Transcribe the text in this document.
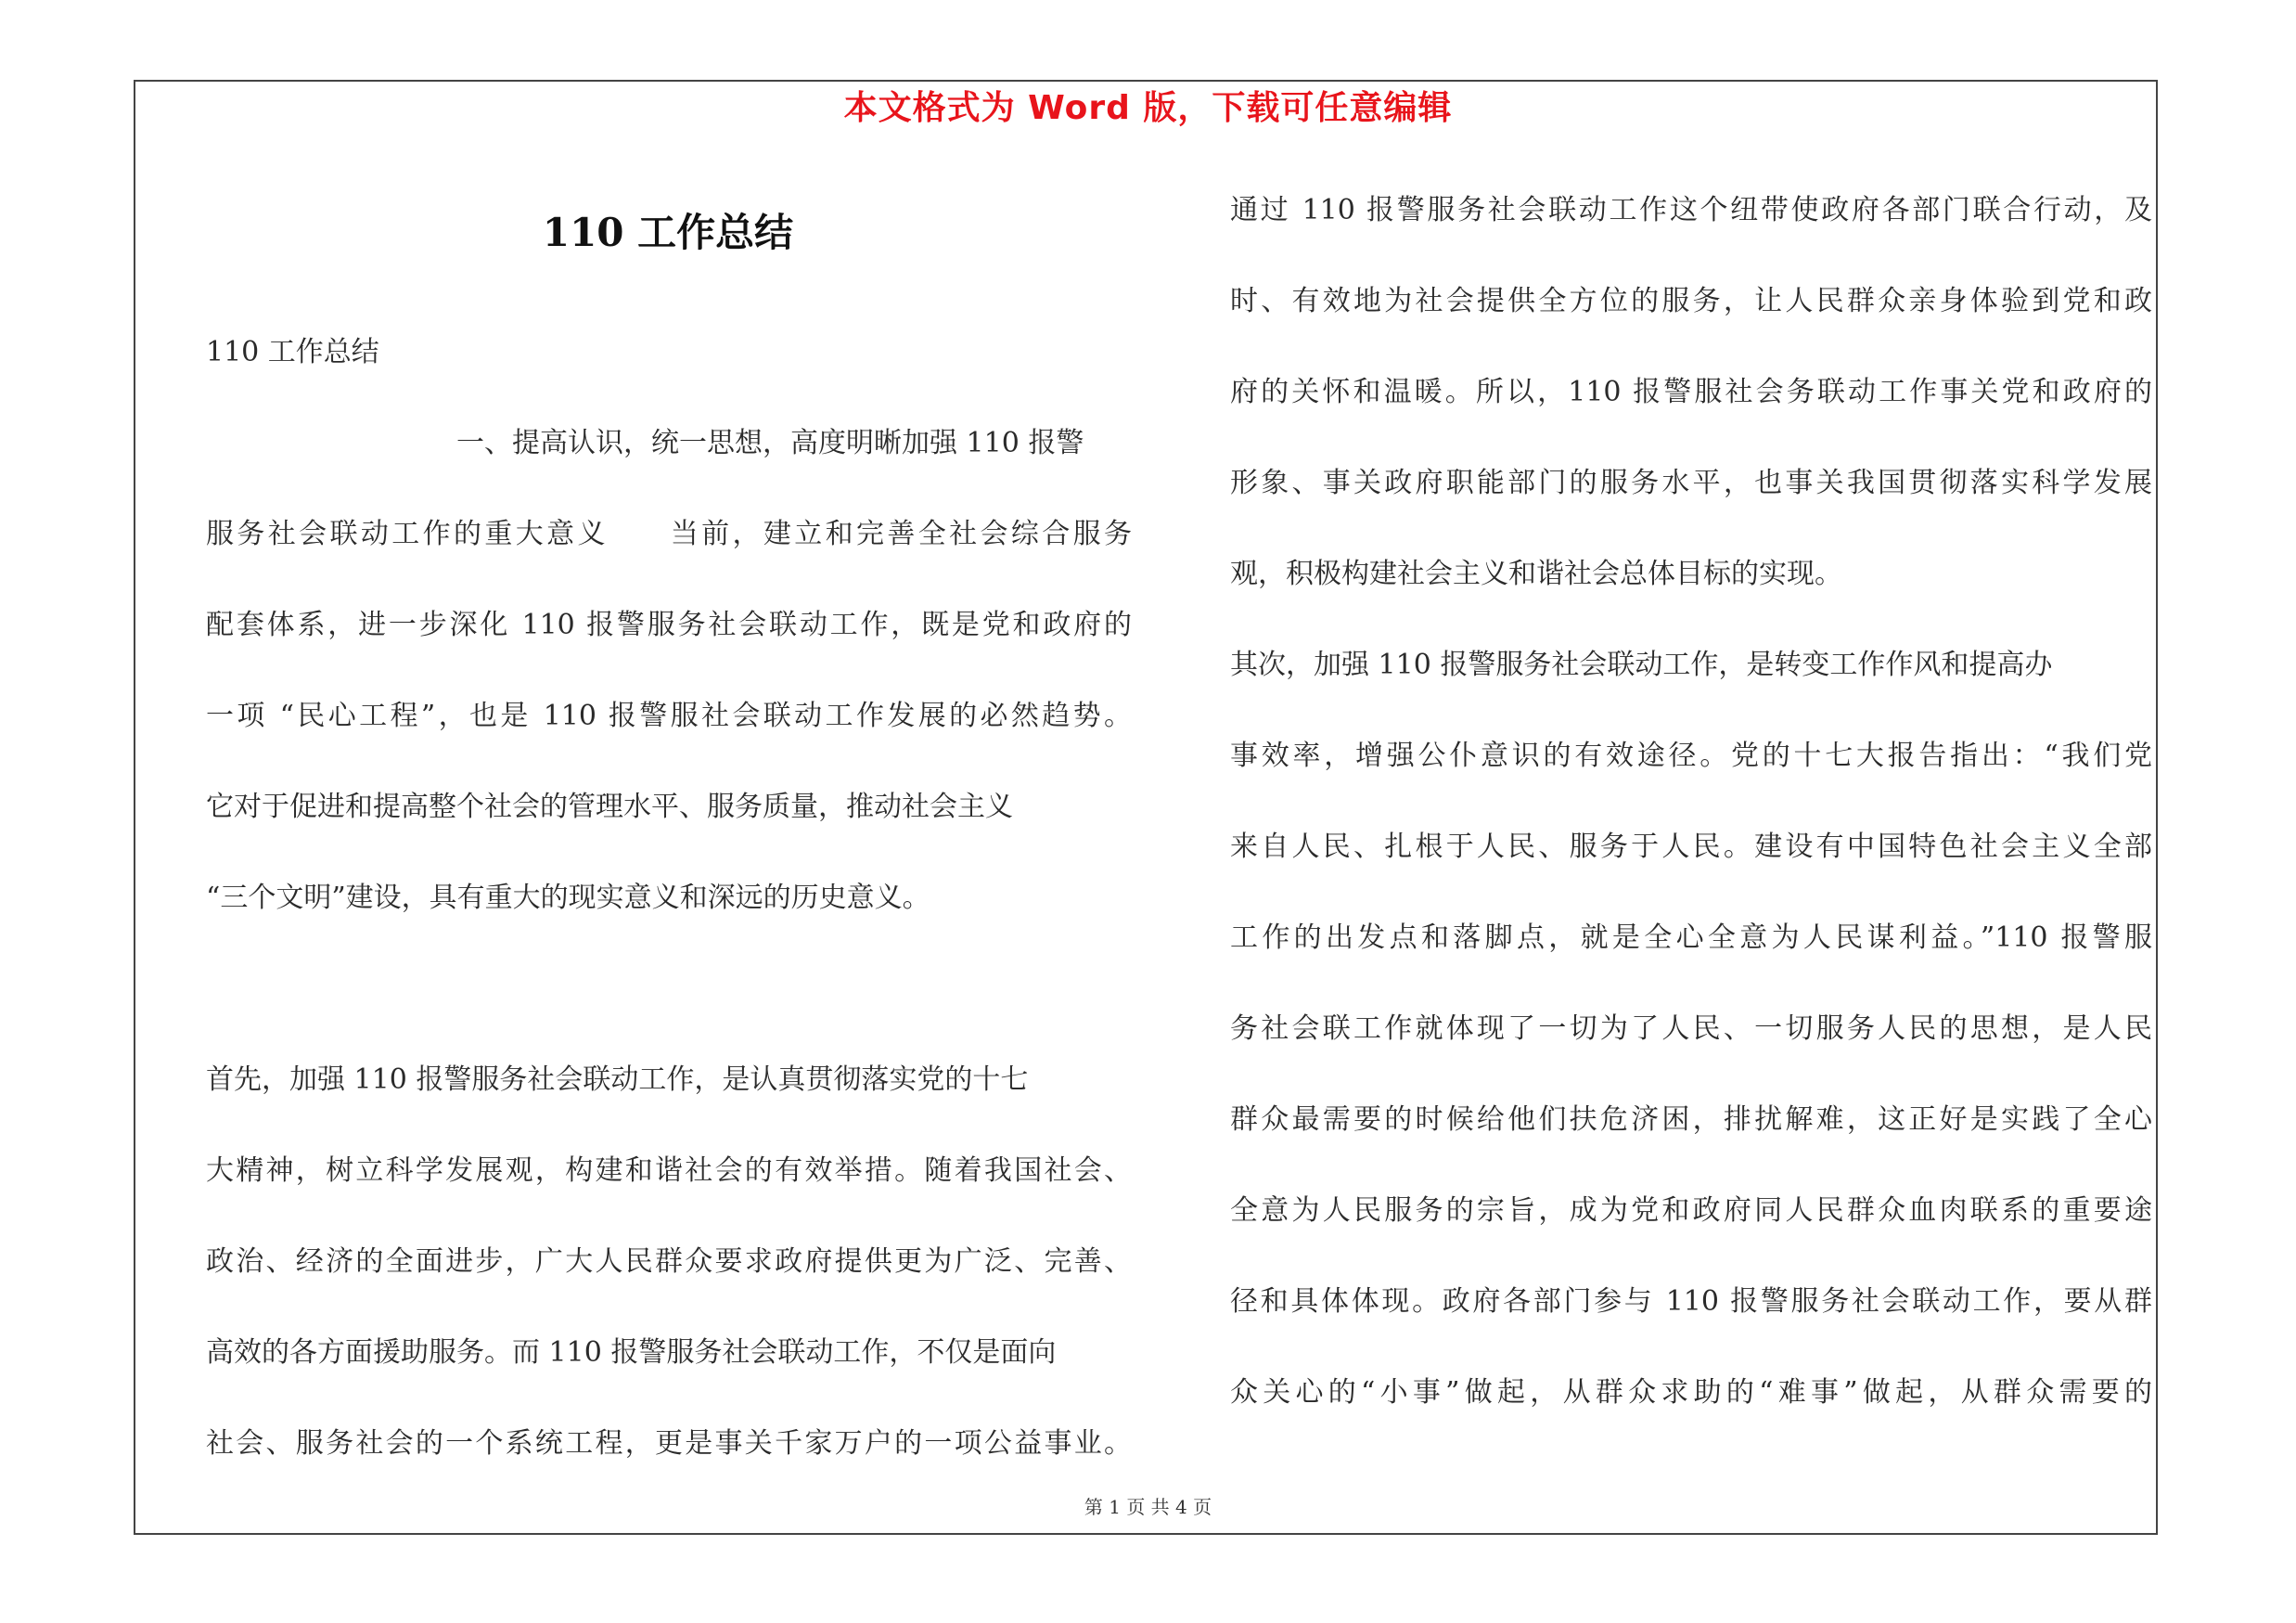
本文格式为 Word 版，下载可任意编辑
110 工作总结
110 工作总结
一、提高认识，统一思想，高度明晰加强 110 报警
服务社会联动工作的重大意义　　当前，建立和完善全社会综合服务
配套体系，进一步深化 110 报警服务社会联动工作，既是党和政府的
一项 “民心工程”，也是 110 报警服社会联动工作发展的必然趋势。
它对于促进和提高整个社会的管理水平、服务质量，推动社会主义
“三个文明”建设，具有重大的现实意义和深远的历史意义。
首先，加强 110 报警服务社会联动工作，是认真贯彻落实党的十七
大精神，树立科学发展观，构建和谐社会的有效举措。随着我国社会、
政治、经济的全面进步，广大人民群众要求政府提供更为广泛、完善、
高效的各方面援助服务。而 110 报警服务社会联动工作，不仅是面向
社会、服务社会的一个系统工程，更是事关千家万户的一项公益事业。
通过 110 报警服务社会联动工作这个纽带使政府各部门联合行动，及
时、有效地为社会提供全方位的服务，让人民群众亲身体验到党和政
府的关怀和温暖。所以，110 报警服社会务联动工作事关党和政府的
形象、事关政府职能部门的服务水平，也事关我国贯彻落实科学发展
观，积极构建社会主义和谐社会总体目标的实现。
其次，加强 110 报警服务社会联动工作，是转变工作作风和提高办
事效率，增强公仆意识的有效途径。党的十七大报告指出：“我们党
来自人民、扎根于人民、服务于人民。建设有中国特色社会主义全部
工作的出发点和落脚点，就是全心全意为人民谋利益。”110 报警服
务社会联工作就体现了一切为了人民、一切服务人民的思想，是人民
群众最需要的时候给他们扶危济困，排扰解难，这正好是实践了全心
全意为人民服务的宗旨，成为党和政府同人民群众血肉联系的重要途
径和具体体现。政府各部门参与 110 报警服务社会联动工作，要从群
众关心的“小事”做起，从群众求助的“难事”做起，从群众需要的
第 1 页 共 4 页
